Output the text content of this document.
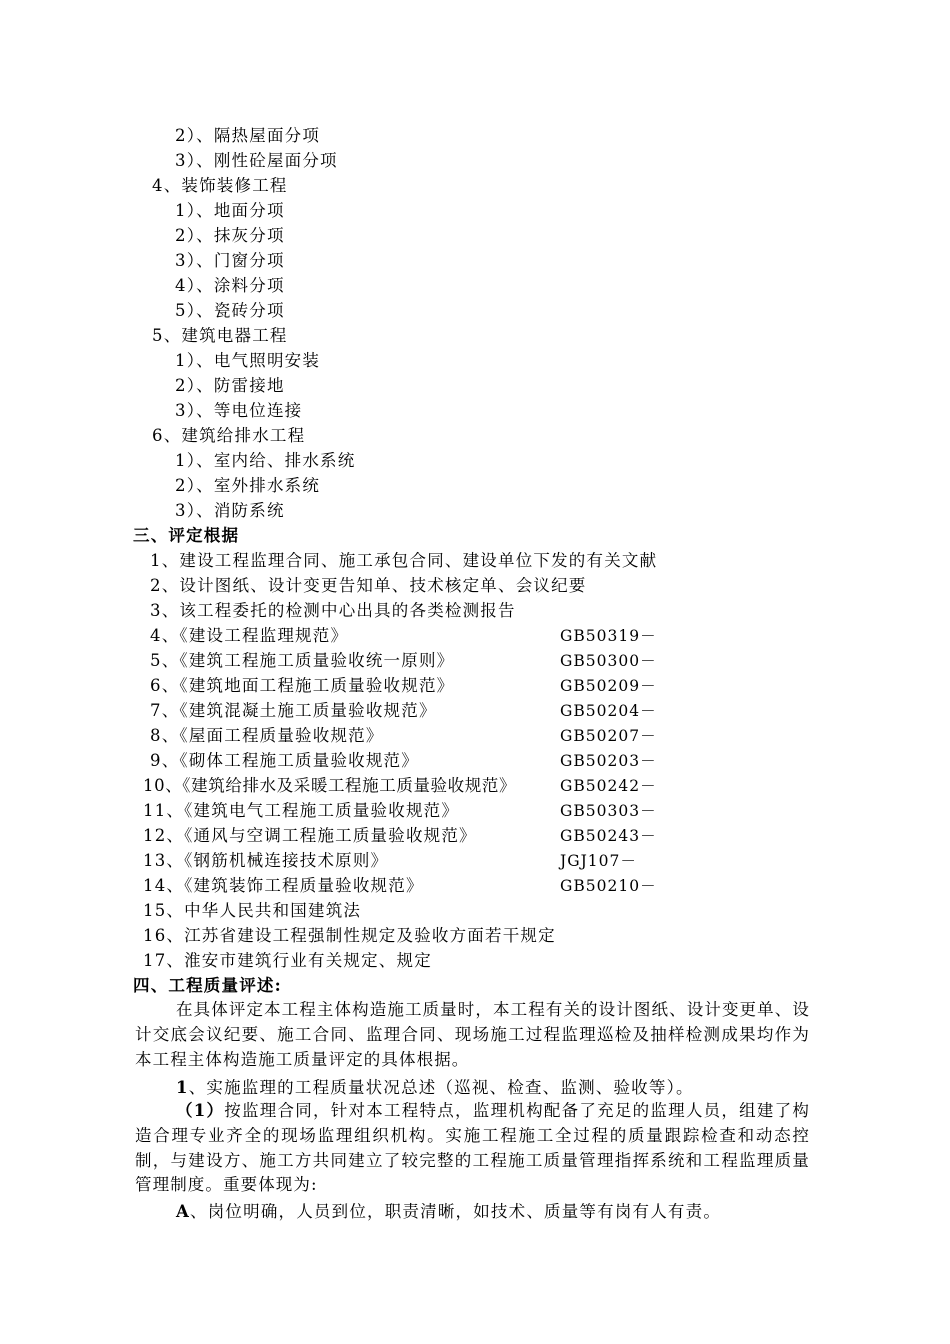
2）、隔热屋面分项
3）、刚性砼屋面分项
4、装饰装修工程
1）、地面分项
2）、抹灰分项
3）、门窗分项
4）、涂料分项
5）、瓷砖分项
5、建筑电器工程
1）、电气照明安装
2）、防雷接地
3）、等电位连接
6、建筑给排水工程
1）、室内给、排水系统
2）、室外排水系统
3）、消防系统
三、评定根据
1、建设工程监理合同、施工承包合同、建设单位下发的有关文献
2、设计图纸、设计变更告知单、技术核定单、会议纪要
3、该工程委托的检测中心出具的各类检测报告
4、《建设工程监理规范》	GB50319－
5、《建筑工程施工质量验收统一原则》	GB50300－
6、《建筑地面工程施工质量验收规范》	GB50209－
7、《建筑混凝土施工质量验收规范》	GB50204－
8、《屋面工程质量验收规范》	GB50207－
9、《砌体工程施工质量验收规范》	GB50203－
10、《建筑给排水及采暖工程施工质量验收规范》	GB50242－
11、《建筑电气工程施工质量验收规范》	GB50303－
12、《通风与空调工程施工质量验收规范》	GB50243－
13、《钢筋机械连接技术原则》	JGJ107－
14、《建筑装饰工程质量验收规范》	GB50210－
15、中华人民共和国建筑法
16、江苏省建设工程强制性规定及验收方面若干规定
17、淮安市建筑行业有关规定、规定
四、工程质量评述:
在具体评定本工程主体构造施工质量时，本工程有关的设计图纸、设计变更单、设计交底会议纪要、施工合同、监理合同、现场施工过程监理巡检及抽样检测成果均作为本工程主体构造施工质量评定的具体根据。
1、实施监理的工程质量状况总述（巡视、检查、监测、验收等）。
（1）按监理合同，针对本工程特点，监理机构配备了充足的监理人员，组建了构造合理专业齐全的现场监理组织机构。实施工程施工全过程的质量跟踪检查和动态控制，与建设方、施工方共同建立了较完整的工程施工质量管理指挥系统和工程监理质量管理制度。重要体现为:
A、岗位明确，人员到位，职责清晰，如技术、质量等有岗有人有责。
